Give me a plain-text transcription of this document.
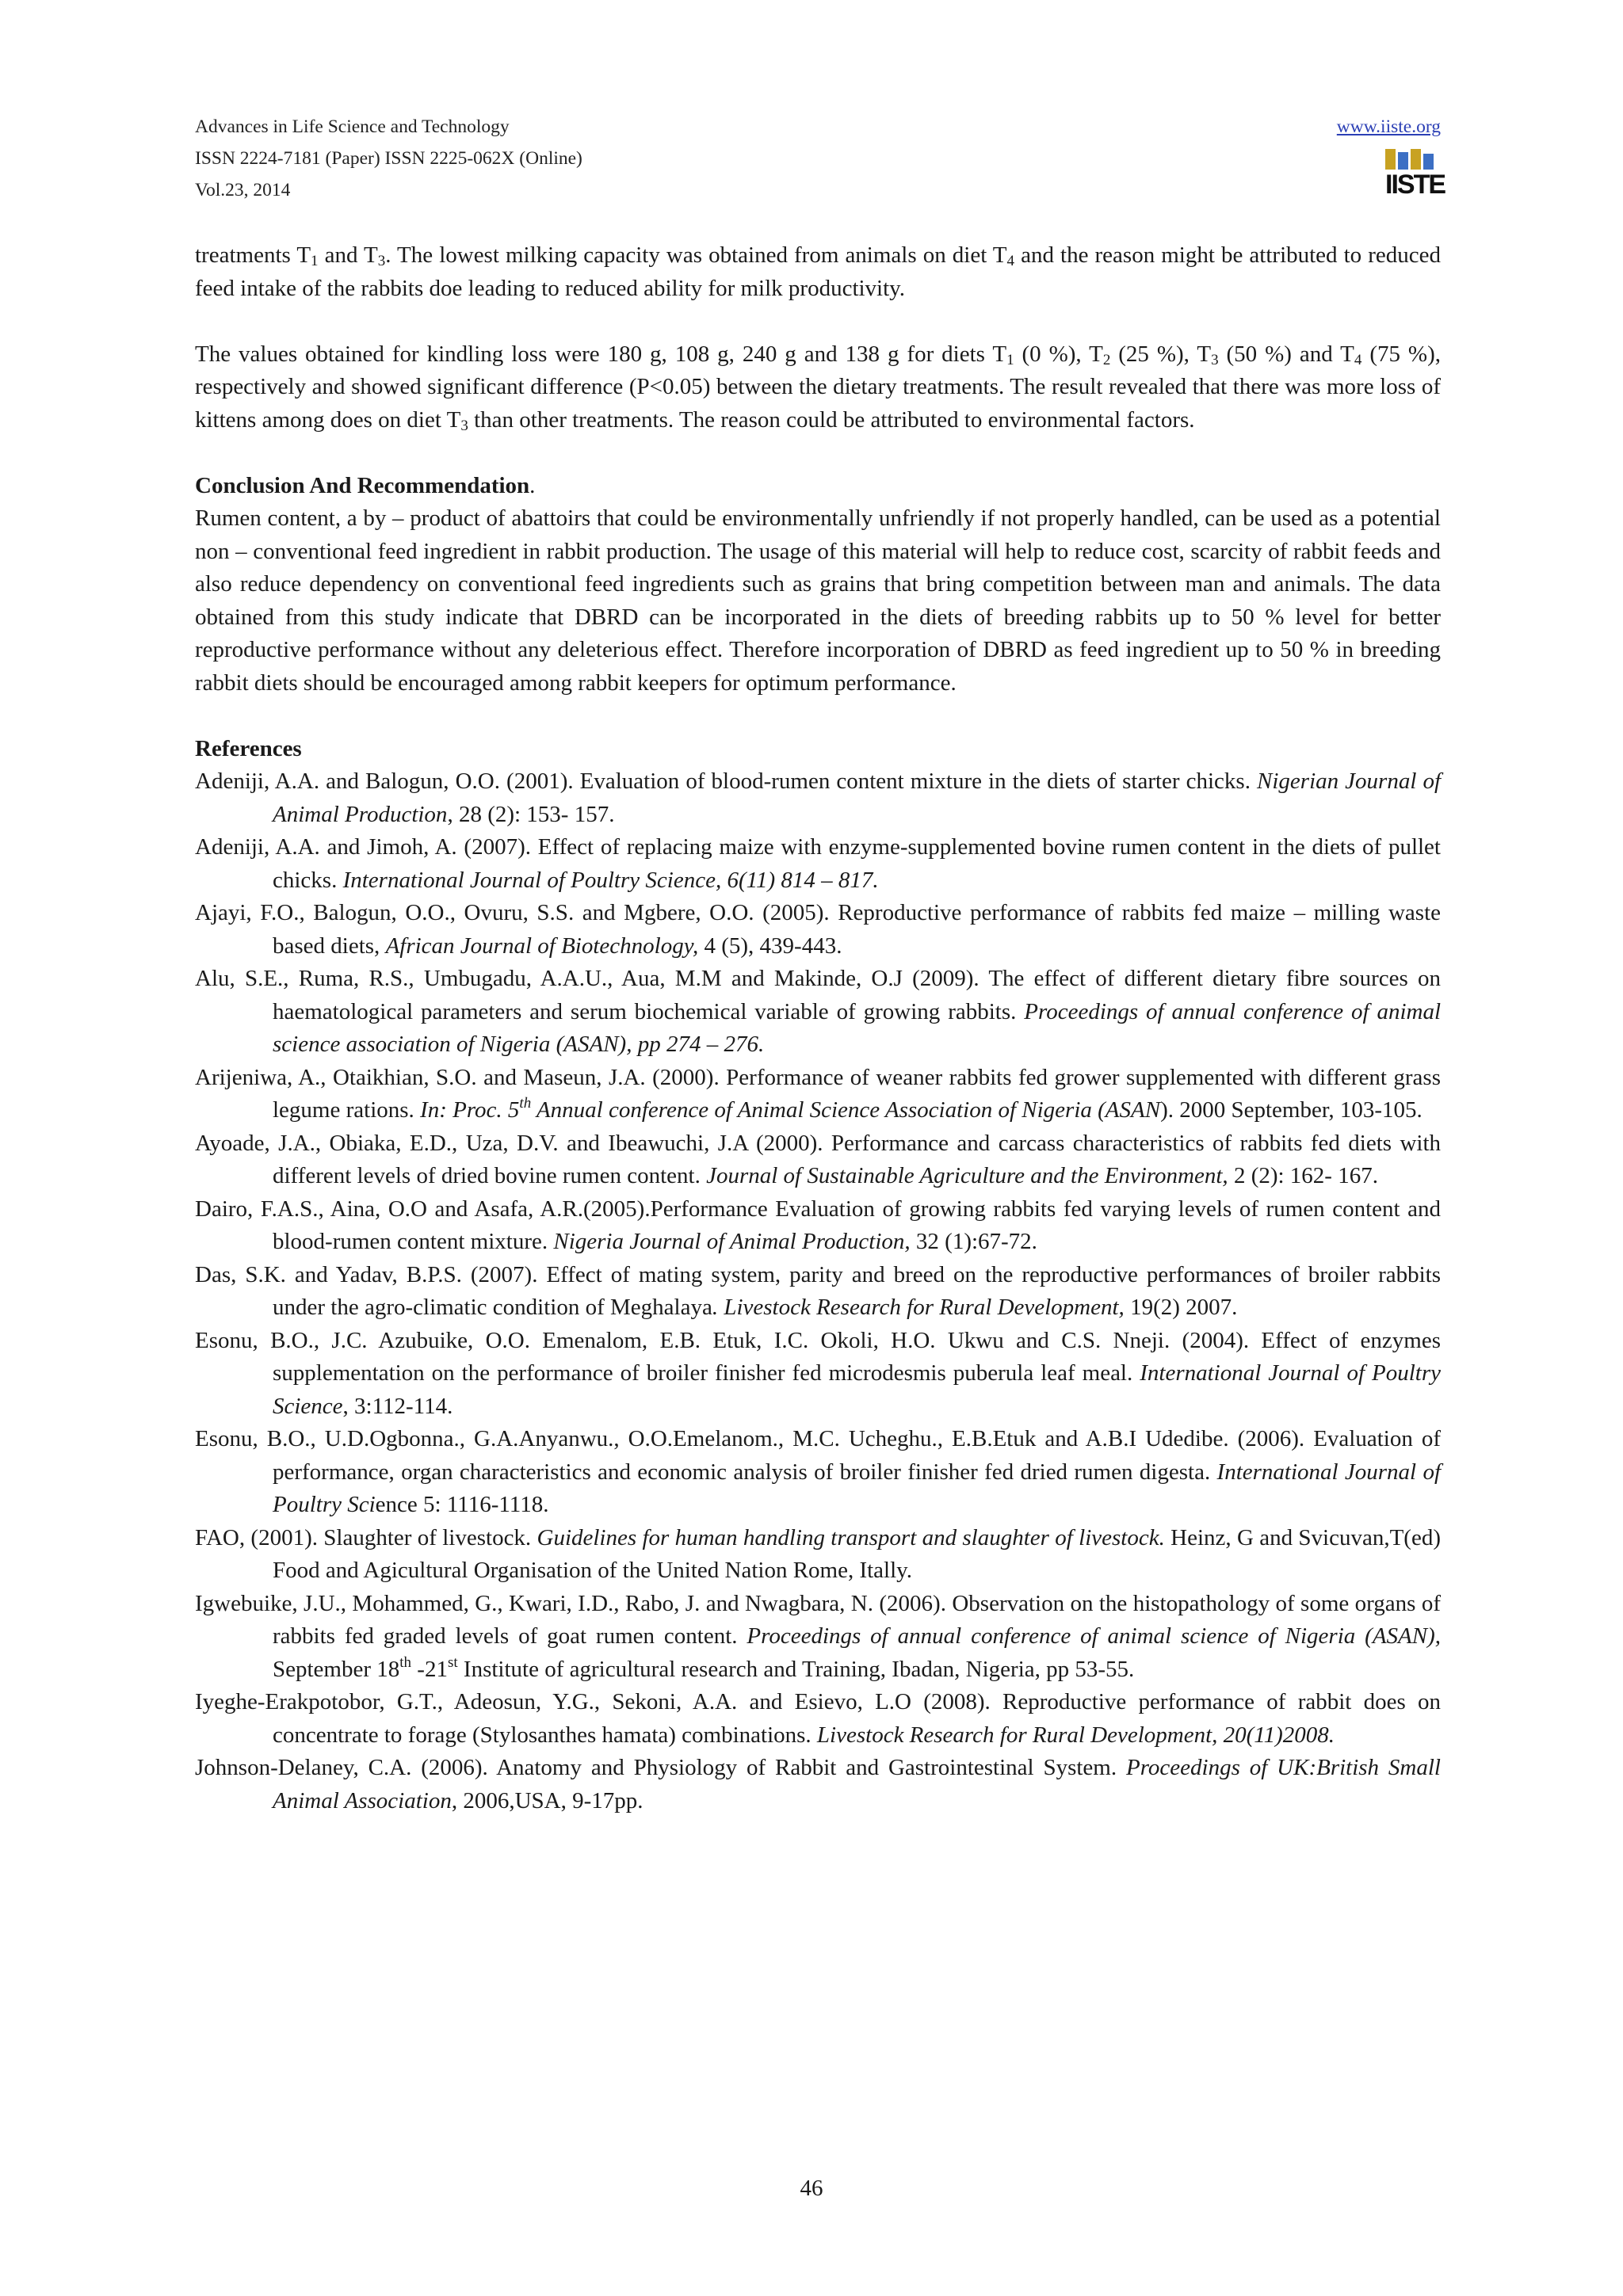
Advances in Life Science and Technology
ISSN 2224-7181 (Paper) ISSN 2225-062X (Online)
Vol.23, 2014
www.iiste.org
IISTE

treatments $T_1$ and $T_3$. The lowest milking capacity was obtained from animals on diet $T_4$ and the reason might be attributed to reduced feed intake of the rabbits doe leading to reduced ability for milk productivity.

The values obtained for kindling loss were 180 g, 108 g, 240 g and 138 g for diets $T_1$ (0 %), $T_2$ (25 %), $T_3$ (50 %) and $T_4$ (75 %), respectively and showed significant difference (P<0.05) between the dietary treatments. The result revealed that there was more loss of kittens among does on diet $T_3$ than other treatments. The reason could be attributed to environmental factors.

Conclusion And Recommendation.

Rumen content, a by – product of abattoirs that could be environmentally unfriendly if not properly handled, can be used as a potential non – conventional feed ingredient in rabbit production. The usage of this material will help to reduce cost, scarcity of rabbit feeds and also reduce dependency on conventional feed ingredients such as grains that bring competition between man and animals. The data obtained from this study indicate that DBRD can be incorporated in the diets of breeding rabbits up to 50 % level for better reproductive performance without any deleterious effect. Therefore incorporation of DBRD as feed ingredient up to 50 % in breeding rabbit diets should be encouraged among rabbit keepers for optimum performance.

References

Adeniji, A.A. and Balogun, O.O. (2001). Evaluation of blood-rumen content mixture in the diets of starter chicks. Nigerian Journal of Animal Production, 28 (2): 153- 157.

Adeniji, A.A. and Jimoh, A. (2007). Effect of replacing maize with enzyme-supplemented bovine rumen content in the diets of pullet chicks. International Journal of Poultry Science, 6(11) 814 – 817.

Ajayi, F.O., Balogun, O.O., Ovuru, S.S. and Mgbere, O.O. (2005). Reproductive performance of rabbits fed maize – milling waste based diets, African Journal of Biotechnology, 4 (5), 439-443.

Alu, S.E., Ruma, R.S., Umbugadu, A.A.U., Aua, M.M and Makinde, O.J (2009). The effect of different dietary fibre sources on haematological parameters and serum biochemical variable of growing rabbits. Proceedings of annual conference of animal science association of Nigeria (ASAN), pp 274 – 276.

Arijeniwa, A., Otaikhian, S.O. and Maseun, J.A. (2000). Performance of weaner rabbits fed grower supplemented with different grass legume rations. In: Proc. 5th Annual conference of Animal Science Association of Nigeria (ASAN). 2000 September, 103-105.

Ayoade, J.A., Obiaka, E.D., Uza, D.V. and Ibeawuchi, J.A (2000). Performance and carcass characteristics of rabbits fed diets with different levels of dried bovine rumen content. Journal of Sustainable Agriculture and the Environment, 2 (2): 162- 167.

Dairo, F.A.S., Aina, O.O and Asafa, A.R.(2005).Performance Evaluation of growing rabbits fed varying levels of rumen content and blood-rumen content mixture. Nigeria Journal of Animal Production, 32 (1):67-72.

Das, S.K. and Yadav, B.P.S. (2007). Effect of mating system, parity and breed on the reproductive performances of broiler rabbits under the agro-climatic condition of Meghalaya. Livestock Research for Rural Development, 19(2) 2007.

Esonu, B.O., J.C. Azubuike, O.O. Emenalom, E.B. Etuk, I.C. Okoli, H.O. Ukwu and C.S. Nneji. (2004). Effect of enzymes supplementation on the performance of broiler finisher fed microdesmis puberula leaf meal. International Journal of Poultry Science, 3:112-114.

Esonu, B.O., U.D.Ogbonna., G.A.Anyanwu., O.O.Emelanom., M.C. Ucheghu., E.B.Etuk and A.B.I Udedibe. (2006). Evaluation of performance, organ characteristics and economic analysis of broiler finisher fed dried rumen digesta. International Journal of Poultry Science 5: 1116-1118.

FAO, (2001). Slaughter of livestock. Guidelines for human handling transport and slaughter of livestock. Heinz, G and Svicuvan,T(ed) Food and Agicultural Organisation of the United Nation Rome, Itally.

Igwebuike, J.U., Mohammed, G., Kwari, I.D., Rabo, J. and Nwagbara, N. (2006). Observation on the histopathology of some organs of rabbits fed graded levels of goat rumen content. Proceedings of annual conference of animal science of Nigeria (ASAN), September 18th -21st Institute of agricultural research and Training, Ibadan, Nigeria, pp 53-55.

Iyeghe-Erakpotobor, G.T., Adeosun, Y.G., Sekoni, A.A. and Esievo, L.O (2008). Reproductive performance of rabbit does on concentrate to forage (Stylosanthes hamata) combinations. Livestock Research for Rural Development, 20(11)2008.

Johnson-Delaney, C.A. (2006). Anatomy and Physiology of Rabbit and Gastrointestinal System. Proceedings of UK:British Small Animal Association, 2006,USA, 9-17pp.

46
